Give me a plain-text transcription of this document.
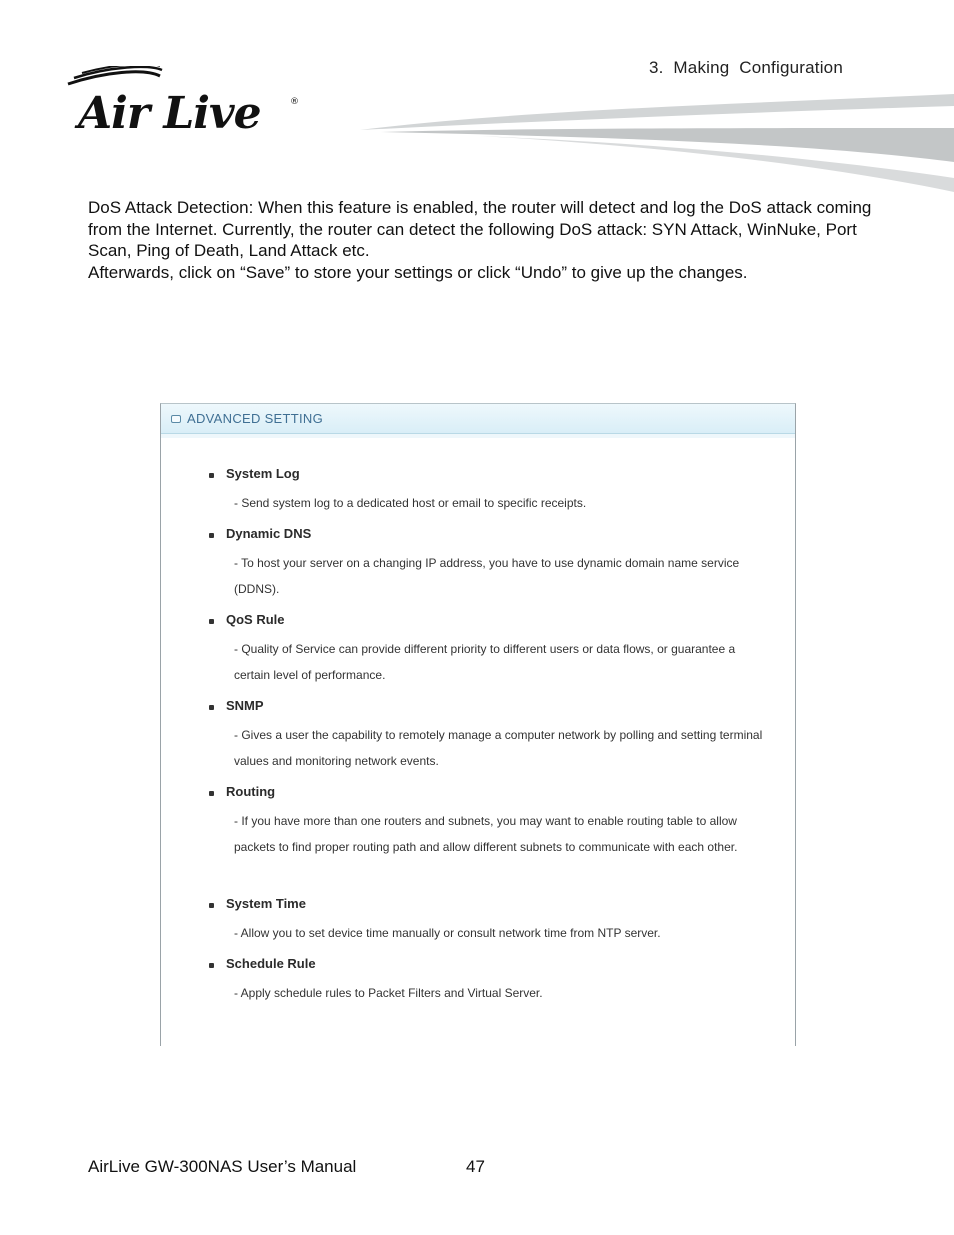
3.  Making  Configuration
Air Live	®

DoS Attack Detection: When this feature is enabled, the router will detect and log the DoS attack coming from the Internet. Currently, the router can detect the following DoS attack: SYN Attack, WinNuke, Port Scan, Ping of Death, Land Attack etc.

Afterwards, click on “Save” to store your settings or click “Undo” to give up the changes.

ADVANCED SETTING
System Log
- Send system log to a dedicated host or email to specific receipts.
Dynamic DNS
- To host your server on a changing IP address, you have to use dynamic domain name service (DDNS).
QoS Rule
- Quality of Service can provide different priority to different users or data flows, or guarantee a certain level of performance.
SNMP
- Gives a user the capability to remotely manage a computer network by polling and setting terminal values and monitoring network events.
Routing
- If you have more than one routers and subnets, you may want to enable routing table to allow packets to find proper routing path and allow different subnets to communicate with each other.
System Time
- Allow you to set device time manually or consult network time from NTP server.
Schedule Rule
- Apply schedule rules to Packet Filters and Virtual Server.
AirLive GW-300NAS User’s Manual	47
